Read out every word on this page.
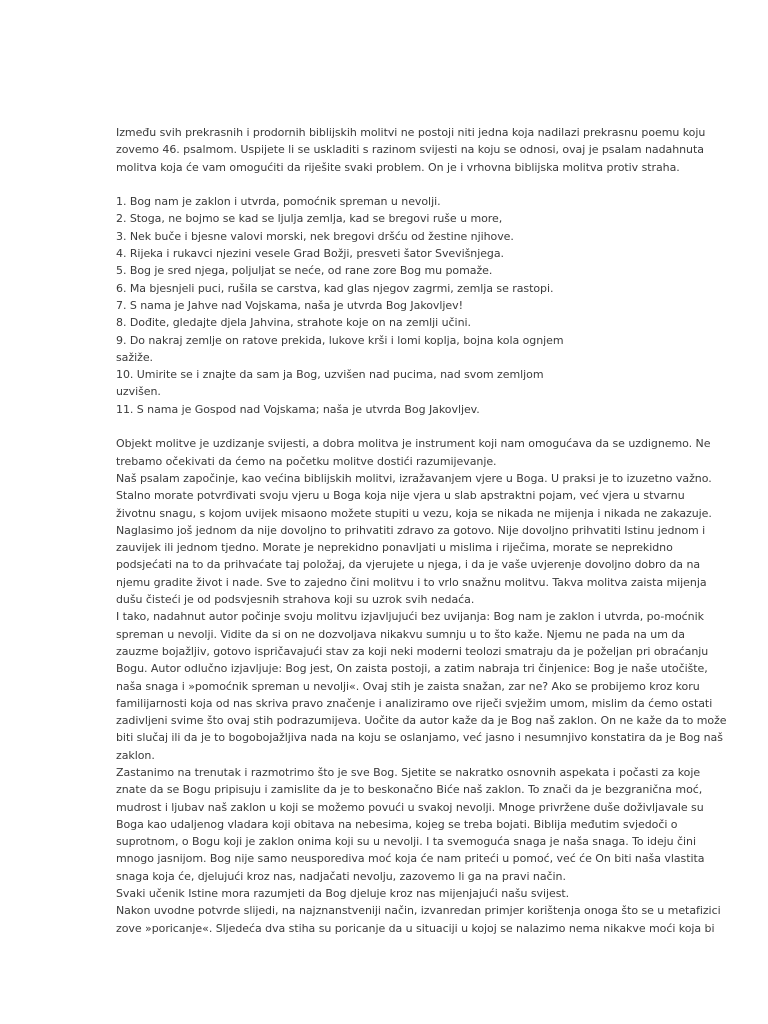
Između svih prekrasnih i prodornih biblijskih molitvi ne postoji niti jedna koja nadilazi prekrasnu poemu koju
zovemo 46. psalmom. Uspijete li se uskladiti s razinom svijesti na koju se odnosi, ovaj je psalam nadahnuta
molitva koja će vam omogućiti da riješite svaki problem. On je i vrhovna biblijska molitva protiv straha.
1. Bog nam je zaklon i utvrda, pomoćnik spreman u nevolji.
2. Stoga, ne bojmo se kad se ljulja zemlja, kad se bregovi ruše u more,
3. Nek buče i bjesne valovi morski, nek bregovi dršću od žestine njihove.
4. Rijeka i rukavci njezini vesele Grad Božji, presveti šator Svevišnjega.
5. Bog je sred njega, poljuljat se neće, od rane zore Bog mu pomaže.
6. Ma bjesnjeli puci, rušila se carstva, kad glas njegov zagrmi, zemlja se rastopi.
7. S nama je Jahve nad Vojskama, naša je utvrda Bog Jakovljev!
8. Dođite, gledajte djela Jahvina, strahote koje on na zemlji učini.
9. Do nakraj zemlje on ratove prekida, lukove krši i lomi koplja, bojna kola ognjem
sažiže.
10. Umirite se i znajte da sam ja Bog, uzvišen nad pucima, nad svom zemljom
uzvišen.
11. S nama je Gospod nad Vojskama; naša je utvrda Bog Jakovljev.
Objekt molitve je uzdizanje svijesti, a dobra molitva je instrument koji nam omogućava da se uzdignemo. Ne
trebamo očekivati da ćemo na početku molitve dostići razumijevanje.
Naš psalam započinje, kao većina biblijskih molitvi, izražavanjem vjere u Boga. U praksi je to izuzetno važno.
Stalno morate potvrđivati svoju vjeru u Boga koja nije vjera u slab apstraktni pojam, već vjera u stvarnu
životnu snagu, s kojom uvijek misaono možete stupiti u vezu, koja se nikada ne mijenja i nikada ne zakazuje.
Naglasimo još jednom da nije dovoljno to prihvatiti zdravo za gotovo. Nije dovoljno prihvatiti Istinu jednom i
zauvijek ili jednom tjedno. Morate je neprekidno ponavljati u mislima i riječima, morate se neprekidno
podsjećati na to da prihvaćate taj položaj, da vjerujete u njega, i da je vaše uvjerenje dovoljno dobro da na
njemu gradite život i nade. Sve to zajedno čini molitvu i to vrlo snažnu molitvu. Takva molitva zaista mijenja
dušu čisteći je od podsvjesnih strahova koji su uzrok svih nedaća.
I tako, nadahnut autor počinje svoju molitvu izjavljujući bez uvijanja: Bog nam je zaklon i utvrda, po-moćnik
spreman u nevolji. Vidite da si on ne dozvoljava nikakvu sumnju u to što kaže. Njemu ne pada na um da
zauzme bojažljiv, gotovo ispričavajući stav za koji neki moderni teolozi smatraju da je poželjan pri obraćanju
Bogu. Autor odlučno izjavljuje: Bog jest, On zaista postoji, a zatim nabraja tri činjenice: Bog je naše utočište,
naša snaga i »pomoćnik spreman u nevolji«. Ovaj stih je zaista snažan, zar ne? Ako se probijemo kroz koru
familijarnosti koja od nas skriva pravo značenje i analiziramo ove riječi svježim umom, mislim da ćemo ostati
zadivljeni svime što ovaj stih podrazumijeva. Uočite da autor kaže da je Bog naš zaklon. On ne kaže da to može
biti slučaj ili da je to bogobojažljiva nada na koju se oslanjamo, već jasno i nesumnjivo konstatira da je Bog naš
zaklon.
Zastanimo na trenutak i razmotrimo što je sve Bog. Sjetite se nakratko osnovnih aspekata i počasti za koje
znate da se Bogu pripisuju i zamislite da je to beskonačno Biće naš zaklon. To znači da je bezgranična moć,
mudrost i ljubav naš zaklon u koji se možemo povući u svakoj nevolji. Mnoge privržene duše doživljavale su
Boga kao udaljenog vladara koji obitava na nebesima, kojeg se treba bojati. Biblija međutim svjedoči o
suprotnom, o Bogu koji je zaklon onima koji su u nevolji. I ta svemoguća snaga je naša snaga. To ideju čini
mnogo jasnijom. Bog nije samo neusporediva moć koja će nam priteći u pomoć, već će On biti naša vlastita
snaga koja će, djelujući kroz nas, nadjačati nevolju, zazovemo li ga na pravi način.
Svaki učenik Istine mora razumjeti da Bog djeluje kroz nas mijenjajući našu svijest.
Nakon uvodne potvrde slijedi, na najznanstveniji način, izvanredan primjer korištenja onoga što se u metafizici
zove »poricanje«. Sljedeća dva stiha su poricanje da u situaciji u kojoj se nalazimo nema nikakve moći koja bi
